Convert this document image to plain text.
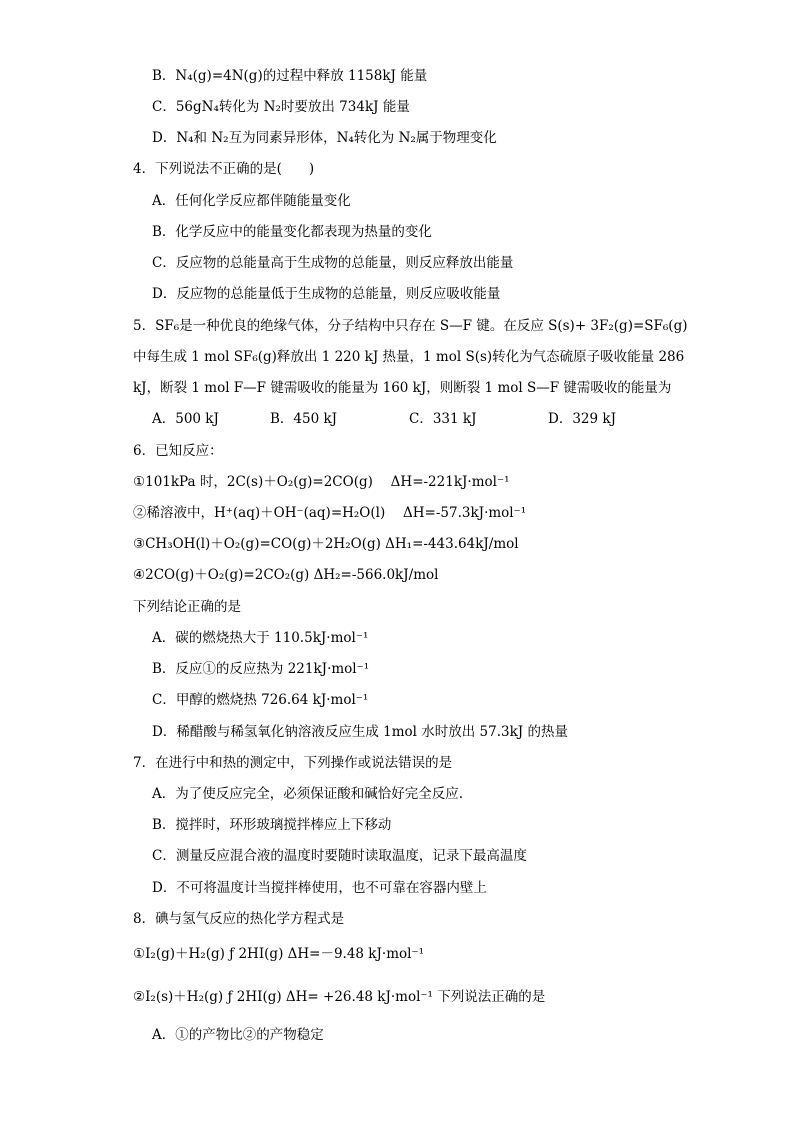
B．N₄(g)=4N(g)的过程中释放 1158kJ 能量
C．56gN₄转化为 N₂时要放出 734kJ 能量
D．N₄和 N₂互为同素异形体，N₄转化为 N₂属于物理变化
4．下列说法不正确的是(　　)
A．任何化学反应都伴随能量变化
B．化学反应中的能量变化都表现为热量的变化
C．反应物的总能量高于生成物的总能量，则反应释放出能量
D．反应物的总能量低于生成物的总能量，则反应吸收能量
5．SF₆是一种优良的绝缘气体，分子结构中只存在 S—F 键。在反应 S(s)+ 3F₂(g)=SF₆(g)
中每生成 1 mol SF₆(g)释放出 1 220 kJ 热量，1 mol S(s)转化为气态硫原子吸收能量 286
kJ，断裂 1 mol F—F 键需吸收的能量为 160 kJ，则断裂 1 mol S—F 键需吸收的能量为
A．500 kJ	B．450 kJ	C．331 kJ	D．329 kJ
6．已知反应：
①101kPa 时，2C(s)＋O₂(g)=2CO(g)　 ΔH=-221kJ·mol⁻¹
②稀溶液中，H⁺(aq)＋OH⁻(aq)=H₂O(l)　 ΔH=-57.3kJ·mol⁻¹
③CH₃OH(l)＋O₂(g)=CO(g)＋2H₂O(g) ΔH₁=-443.64kJ/mol
④2CO(g)＋O₂(g)=2CO₂(g) ΔH₂=-566.0kJ/mol
下列结论正确的是
A．碳的燃烧热大于 110.5kJ·mol⁻¹
B．反应①的反应热为 221kJ·mol⁻¹
C．甲醇的燃烧热 726.64 kJ·mol⁻¹
D．稀醋酸与稀氢氧化钠溶液反应生成 1mol 水时放出 57.3kJ 的热量
7．在进行中和热的测定中，下列操作或说法错误的是
A．为了使反应完全，必须保证酸和碱恰好完全反应.
B．搅拌时，环形玻璃搅拌棒应上下移动
C．测量反应混合液的温度时要随时读取温度，记录下最高温度
D．不可将温度计当搅拌棒使用，也不可靠在容器内壁上
8．碘与氢气反应的热化学方程式是
①I₂(g)＋H₂(g) ƒ 2HI(g) ΔH=－9.48 kJ·mol⁻¹
②I₂(s)＋H₂(g) ƒ 2HI(g) ΔH= +26.48 kJ·mol⁻¹ 下列说法正确的是
A．①的产物比②的产物稳定
